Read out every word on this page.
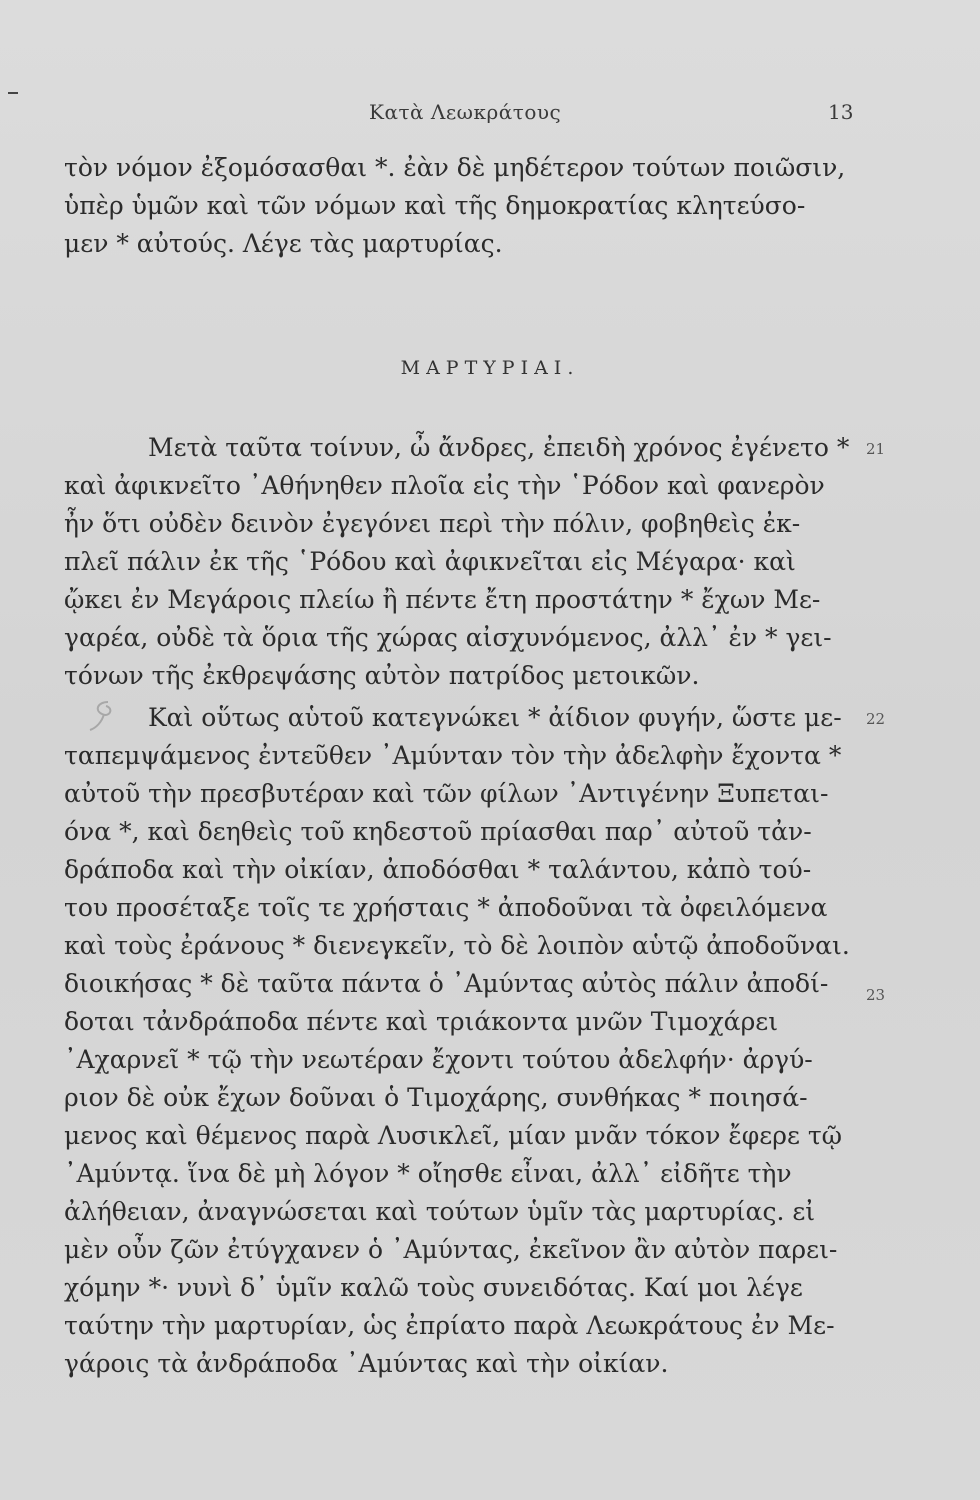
Κατὰ Λεωκράτους	13
ΜΑΡΤΥΡΙΑΙ.
τὸν νόμον ἐξομόσασθαι *. ἐὰν δὲ μηδέτερον τούτων ποιῶσιν,
ὑπὲρ ὑμῶν καὶ τῶν νόμων καὶ τῆς δημοκρατίας κλητεύσο-
μεν * αὐτούς. Λέγε τὰς μαρτυρίας.
Μετὰ ταῦτα τοίνυν, ὦ ἄνδρες, ἐπειδὴ χρόνος ἐγένετο *
καὶ ἀφικνεῖτο ᾿Αθήνηθεν πλοῖα εἰς τὴν ῾Ρόδον καὶ φανερὸν
ἦν ὅτι οὐδὲν δεινὸν ἐγεγόνει περὶ τὴν πόλιν, φοβηθεὶς ἐκ-
πλεῖ πάλιν ἐκ τῆς ῾Ρόδου καὶ ἀφικνεῖται εἰς Μέγαρα· καὶ
ᾤκει ἐν Μεγάροις πλείω ἢ πέντε ἔτη προστάτην * ἔχων Με-
γαρέα, οὐδὲ τὰ ὅρια τῆς χώρας αἰσχυνόμενος, ἀλλ᾿ ἐν * γει-
τόνων τῆς ἐκθρεψάσης αὐτὸν πατρίδος μετοικῶν.
Καὶ οὕτως αὑτοῦ κατεγνώκει * ἀίδιον φυγήν, ὥστε με-
ταπεμψάμενος ἐντεῦθεν ᾿Αμύνταν τὸν τὴν ἀδελφὴν ἔχοντα *
αὐτοῦ τὴν πρεσβυτέραν καὶ τῶν φίλων ᾿Αντιγένην Ξυπεται-
όνα *, καὶ δεηθεὶς τοῦ κηδεστοῦ πρίασθαι παρ᾿ αὐτοῦ τἀν-
δράποδα καὶ τὴν οἰκίαν, ἀποδόσθαι * ταλάντου, κἀπὸ τού-
του προσέταξε τοῖς τε χρήσταις * ἀποδοῦναι τὰ ὀφειλόμενα
καὶ τοὺς ἐράνους * διενεγκεῖν, τὸ δὲ λοιπὸν αὑτῷ ἀποδοῦναι.
διοικήσας * δὲ ταῦτα πάντα ὁ ᾿Αμύντας αὐτὸς πάλιν ἀποδί-
δοται τἀνδράποδα πέντε καὶ τριάκοντα μνῶν Τιμοχάρει
᾿Αχαρνεῖ * τῷ τὴν νεωτέραν ἔχοντι τούτου ἀδελφήν· ἀργύ-
ριον δὲ οὐκ ἔχων δοῦναι ὁ Τιμοχάρης, συνθήκας * ποιησά-
μενος καὶ θέμενος παρὰ Λυσικλεῖ, μίαν μνᾶν τόκον ἔφερε τῷ
᾿Αμύντᾳ. ἵνα δὲ μὴ λόγον * οἴησθε εἶναι, ἀλλ᾿ εἰδῆτε τὴν
ἀλήθειαν, ἀναγνώσεται καὶ τούτων ὑμῖν τὰς μαρτυρίας. εἰ
μὲν οὖν ζῶν ἐτύγχανεν ὁ ᾿Αμύντας, ἐκεῖνον ἂν αὐτὸν παρει-
χόμην *· νυνὶ δ᾿ ὑμῖν καλῶ τοὺς συνειδότας. Καί μοι λέγε
ταύτην τὴν μαρτυρίαν, ὡς ἐπρίατο παρὰ Λεωκράτους ἐν Με-
γάροις τὰ ἀνδράποδα ᾿Αμύντας καὶ τὴν οἰκίαν.
21
22
23
